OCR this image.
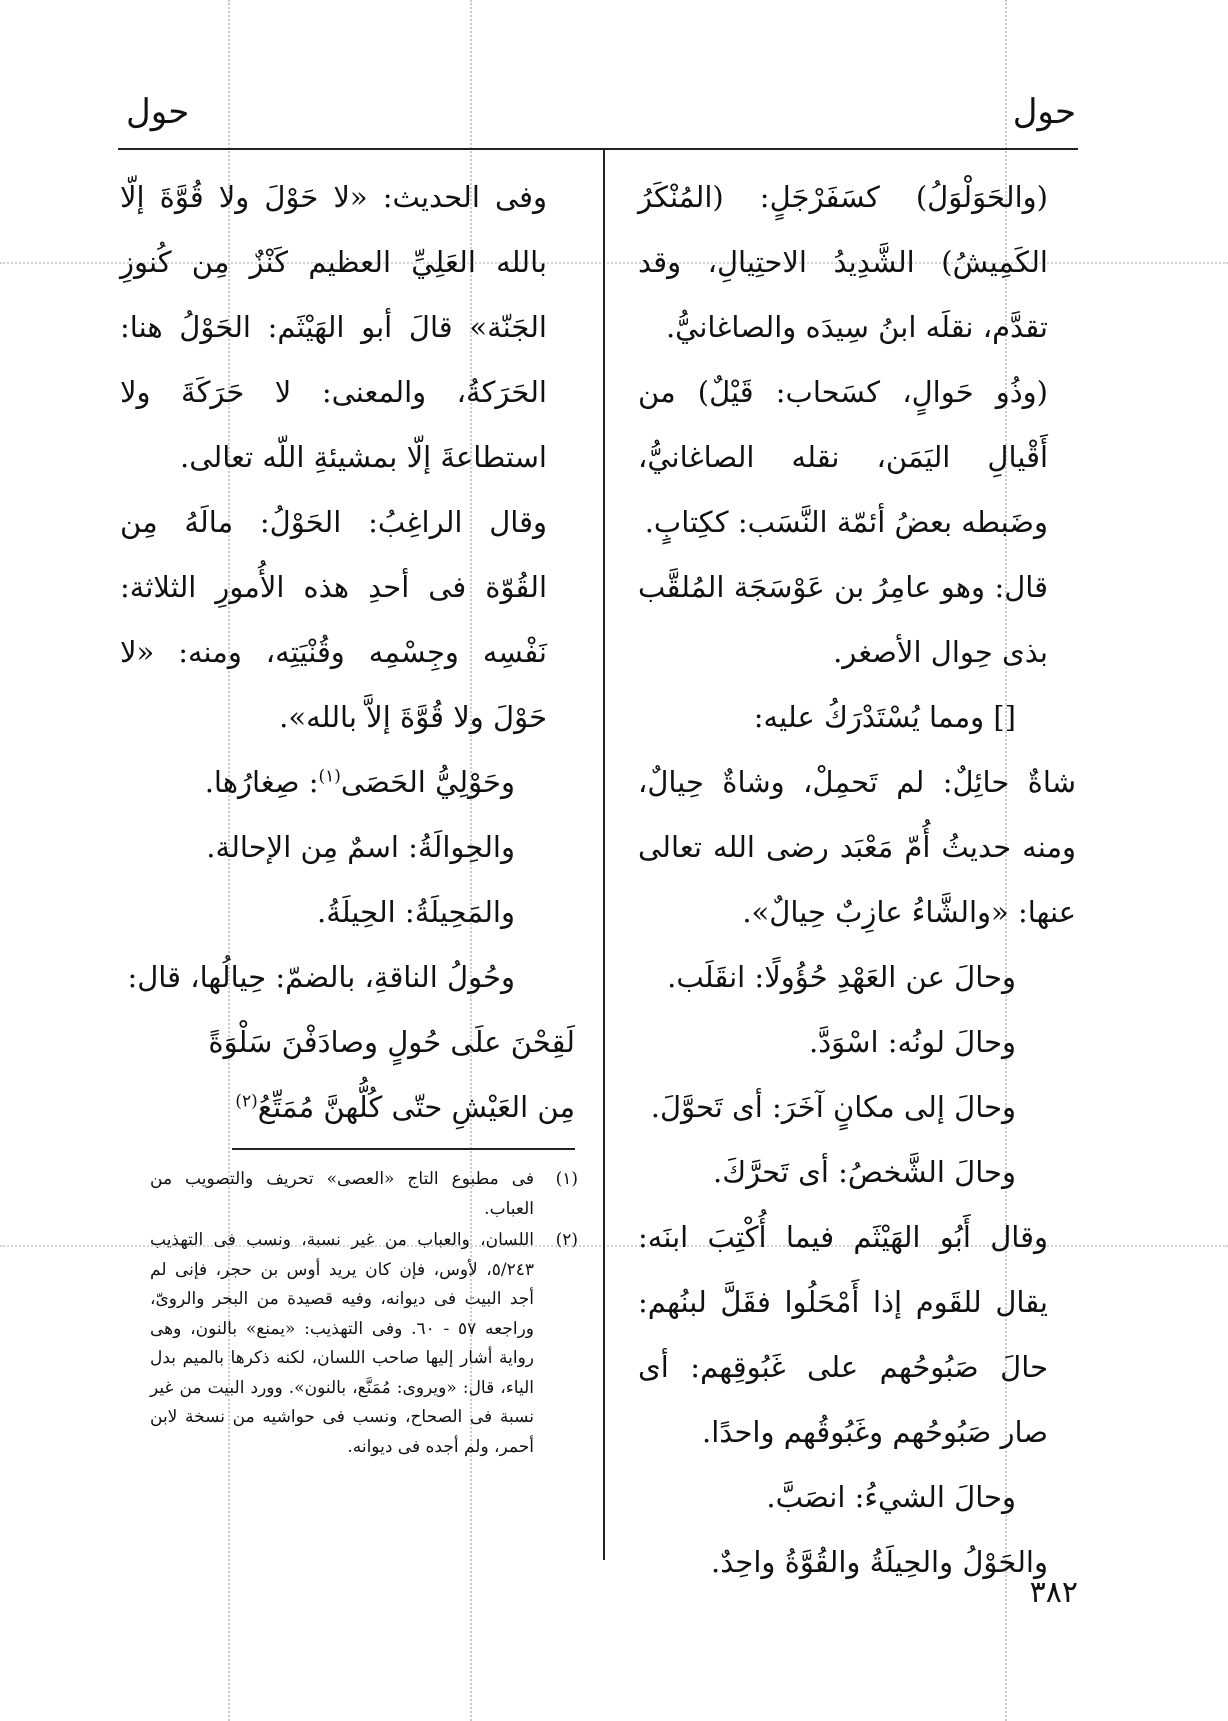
حول	حول

(والحَوَلْوَلُ) كسَفَرْجَلٍ: (المُنْكَرُ الكَمِيشُ) الشَّدِيدُ الاحتِيالِ، وقد تقدَّم، نقلَه ابنُ سِيدَه والصاغانيُّ.

(وذُو حَوالٍ، كسَحاب: قَيْلٌ) من أَقْيالِ اليَمَن، نقله الصاغانيُّ، وضَبطه بعضُ أئمّة النَّسَب: ككِتابٍ.

قال: وهو عامِرُ بن عَوْسَجَة المُلقَّب بذى حِوال الأصغر.

[] ومما يُسْتَدْرَكُ عليه:

شاةٌ حائِلٌ: لم تَحمِلْ، وشاةٌ حِيالٌ، ومنه حديثُ أُمّ مَعْبَد رضى الله تعالى عنها: «والشَّاءُ عازِبٌ حِيالٌ».

وحالَ عن العَهْدِ حُؤُولًا: انقَلَب.

وحالَ لونُه: اسْوَدَّ.

وحالَ إلى مكانٍ آخَرَ: أى تَحوَّلَ.

وحالَ الشَّخصُ: أى تَحرَّكَ.

وقال أَبُو الهَيْثَم فيما أُكْتِبَ ابنَه: يقال للقَوم إذا أَمْحَلُوا فقَلَّ لبنُهم: حالَ صَبُوحُهم على غَبُوقِهم: أى صار صَبُوحُهم وغَبُوقُهم واحدًا.

وحالَ الشيءُ: انصَبَّ.

والحَوْلُ والحِيلَةُ والقُوَّةُ واحِدٌ.

وفى الحديث: «لا حَوْلَ ولا قُوَّةَ إلّا بالله العَلِيِّ العظيم كَنْزٌ مِن كُنوزِ الجَنّة» قالَ أبو الهَيْثَم: الحَوْلُ هنا: الحَرَكةُ، والمعنى: لا حَرَكَةَ ولا استطاعةَ إلّا بمشيئةِ اللّه تعالى.

وقال الراغِبُ: الحَوْلُ: مالَهُ مِن القُوّة فى أحدِ هذه الأُمورِ الثلاثة: نَفْسِه وجِسْمِه وقُنْيَتِه، ومنه: «لا حَوْلَ ولا قُوَّةَ إلاَّ بالله».

وحَوْلِيُّ الحَصَى$^{(١)}$: صِغارُها.

والحِوالَةُ: اسمٌ مِن الإحالة.

والمَحِيلَةُ: الحِيلَةُ.

وحُولُ الناقةِ، بالضمّ: حِيالُها، قال:

لَقِحْنَ علَى حُولٍ وصادَفْنَ سَلْوَةً

مِن العَيْشِ حتّى كُلُّهنَّ مُمَتِّعُ$^{(٢)}$

(١)
فى مطبوع التاج «العصى» تحريف والتصويب من العباب.
(٢)
اللسان، والعباب من غير نسبة، ونسب فى التهذيب ٥/٢٤٣، لأوس، فإن كان يريد أوس بن حجر، فإنى لم أجد البيت فى ديوانه، وفيه قصيدة من البحر والروىّ، وراجعه ٥٧ - ٦٠. وفى التهذيب: «يمنع» بالنون، وهى رواية أشار إليها صاحب اللسان، لكنه ذكرها بالميم بدل الياء، قال: «ويروى: مُمَنَّع، بالنون». وورد البيت من غير نسبة فى الصحاح، ونسب فى حواشيه من نسخة لابن أحمر، ولم أجده فى ديوانه.
٣٨٢
